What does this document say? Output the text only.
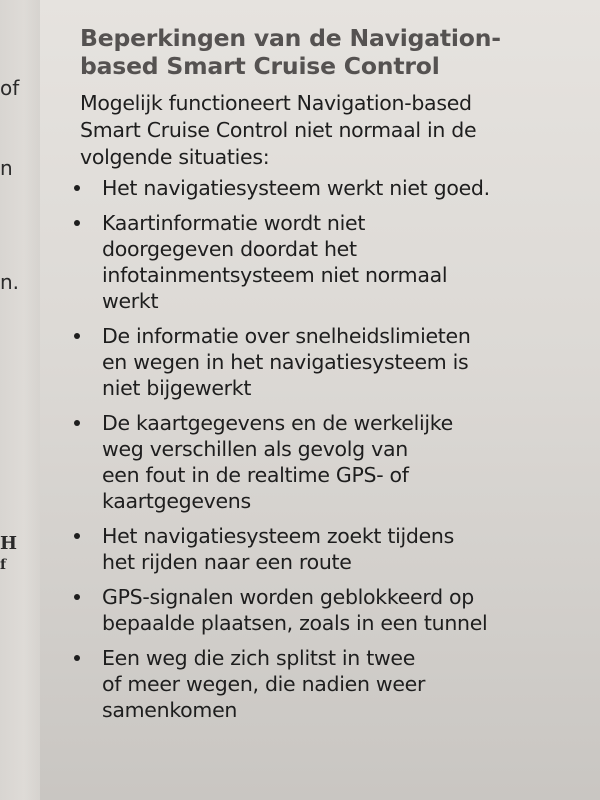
of
n
n.
H
f
Beperkingen van de Navigation-
based Smart Cruise Control

Mogelijk functioneert Navigation-based
Smart Cruise Control niet normaal in de
volgende situaties:

Het navigatiesysteem werkt niet goed.
Kaartinformatie wordt niet
doorgegeven doordat het
infotainmentsysteem niet normaal
werkt
De informatie over snelheidslimieten
en wegen in het navigatiesysteem is
niet bijgewerkt
De kaartgegevens en de werkelijke
weg verschillen als gevolg van
een fout in de realtime GPS- of
kaartgegevens
Het navigatiesysteem zoekt tijdens
het rijden naar een route
GPS-signalen worden geblokkeerd op
bepaalde plaatsen, zoals in een tunnel
Een weg die zich splitst in twee
of meer wegen, die nadien weer
samenkomen
